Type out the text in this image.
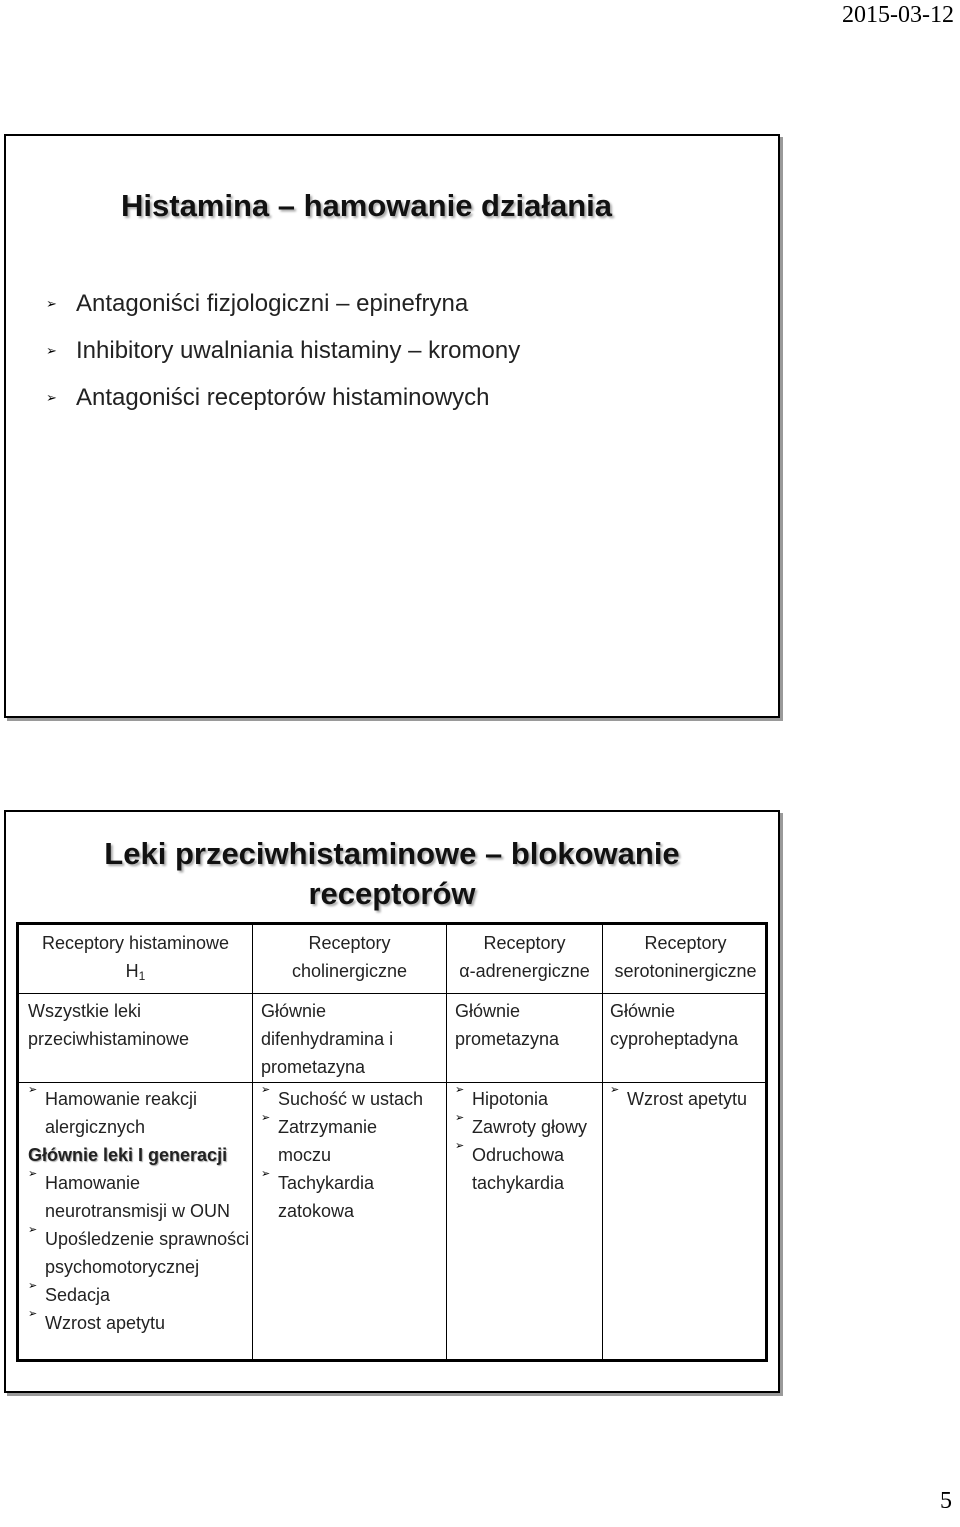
2015-03-12
Histamina – hamowanie działania
➢ Antagoniści fizjologiczni – epinefryna
➢ Inhibitory uwalniania histaminy – kromony
➢ Antagoniści receptorów histaminowych
Leki przeciwhistaminowe – blokowanie
receptorów
Receptory histaminowe
$H_1$
Receptory
cholinergiczne
Receptory
α-adrenergiczne
Receptory
serotoninergiczne
Wszystkie leki przeciwhistaminowe
Głównie difenhydramina i prometazyna
Głównie prometazyna
Głównie cyproheptadyna
➢ Hamowanie reakcji alergicznych
Głównie leki I generacji
➢ Hamowanie neurotransmisji w OUN
➢ Upośledzenie sprawności psychomotorycznej
➢ Sedacja
➢ Wzrost apetytu
➢ Suchość w ustach
➢ Zatrzymanie moczu
➢ Tachykardia zatokowa
➢ Hipotonia
➢ Zawroty głowy
➢ Odruchowa tachykardia
➢ Wzrost apetytu
5
